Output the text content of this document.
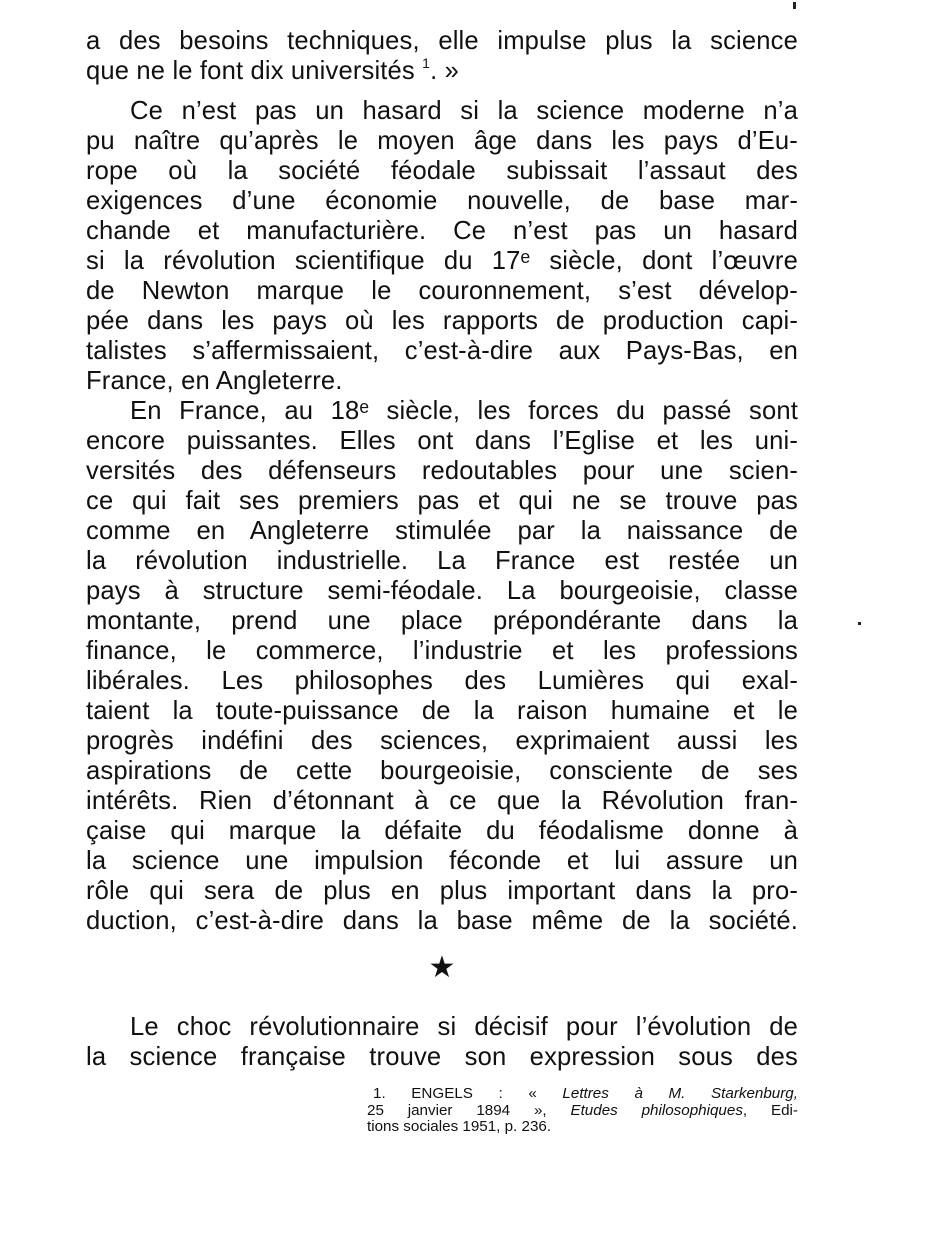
a des besoins techniques, elle impulse plus la science
que ne le font dix universités $^1$. »
Ce n’est pas un hasard si la science moderne n’a
pu naître qu’après le moyen âge dans les pays d’Eu-
rope où la société féodale subissait l’assaut des
exigences d’une économie nouvelle, de base mar-
chande et manufacturière. Ce n’est pas un hasard
si la révolution scientifique du 17ᵉ siècle, dont l’œuvre
de Newton marque le couronnement, s’est dévelop-
pée dans les pays où les rapports de production capi-
talistes s’affermissaient, c’est-à-dire aux Pays-Bas, en
France, en Angleterre.
En France, au 18ᵉ siècle, les forces du passé sont
encore puissantes. Elles ont dans l’Eglise et les uni-
versités des défenseurs redoutables pour une scien-
ce qui fait ses premiers pas et qui ne se trouve pas
comme en Angleterre stimulée par la naissance de
la révolution industrielle. La France est restée un
pays à structure semi-féodale. La bourgeoisie, classe
montante, prend une place prépondérante dans la
finance, le commerce, l’industrie et les professions
libérales. Les philosophes des Lumières qui exal-
taient la toute-puissance de la raison humaine et le
progrès indéfini des sciences, exprimaient aussi les
aspirations de cette bourgeoisie, consciente de ses
intérêts. Rien d’étonnant à ce que la Révolution fran-
çaise qui marque la défaite du féodalisme donne à
la science une impulsion féconde et lui assure un
rôle qui sera de plus en plus important dans la pro-
duction, c’est-à-dire dans la base même de la société.
★
Le choc révolutionnaire si décisif pour l’évolution de
la science française trouve son expression sous des
1. ENGELS : « Lettres à M. Starkenburg,
25 janvier 1894 », Etudes philosophiques, Edi-
tions sociales 1951, p. 236.
